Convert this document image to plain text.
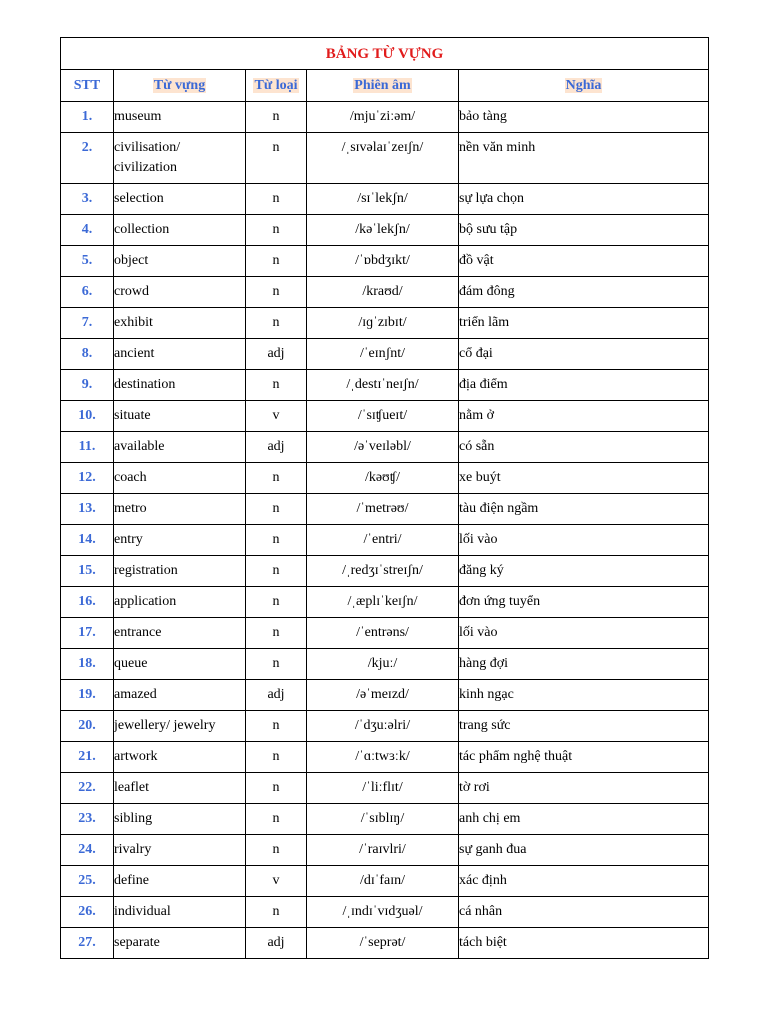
BẢNG TỪ VỰNG				
STT	Từ vựng	Từ loại	Phiên âm	Nghĩa
1.	museum	n	/mjuˈziːəm/	bảo tàng
2.	civilisation/ civilization	n	/ˌsɪvəlaɪˈzeɪʃn/	nền văn minh
3.	selection	n	/sɪˈlekʃn/	sự lựa chọn
4.	collection	n	/kəˈlekʃn/	bộ sưu tập
5.	object	n	/ˈɒbdʒɪkt/	đồ vật
6.	crowd	n	/kraʊd/	đám đông
7.	exhibit	n	/ɪɡˈzɪbɪt/	triển lãm
8.	ancient	adj	/ˈeɪnʃnt/	cổ đại
9.	destination	n	/ˌdestɪˈneɪʃn/	địa điểm
10.	situate	v	/ˈsɪʧueɪt/	nằm ở
11.	available	adj	/əˈveɪləbl/	có sẵn
12.	coach	n	/kəʊʧ/	xe buýt
13.	metro	n	/ˈmetrəʊ/	tàu điện ngầm
14.	entry	n	/ˈentri/	lối vào
15.	registration	n	/ˌredʒɪˈstreɪʃn/	đăng ký
16.	application	n	/ˌæplɪˈkeɪʃn/	đơn ứng tuyển
17.	entrance	n	/ˈentrəns/	lối vào
18.	queue	n	/kjuː/	hàng đợi
19.	amazed	adj	/əˈmeɪzd/	kinh ngạc
20.	jewellery/ jewelry	n	/ˈdʒuːəlri/	trang sức
21.	artwork	n	/ˈɑːtwɜːk/	tác phẩm nghệ thuật
22.	leaflet	n	/ˈliːflɪt/	tờ rơi
23.	sibling	n	/ˈsɪblɪŋ/	anh chị em
24.	rivalry	n	/ˈraɪvlri/	sự ganh đua
25.	define	v	/dɪˈfaɪn/	xác định
26.	individual	n	/ˌɪndɪˈvɪdʒuəl/	cá nhân
27.	separate	adj	/ˈseprət/	tách biệt
